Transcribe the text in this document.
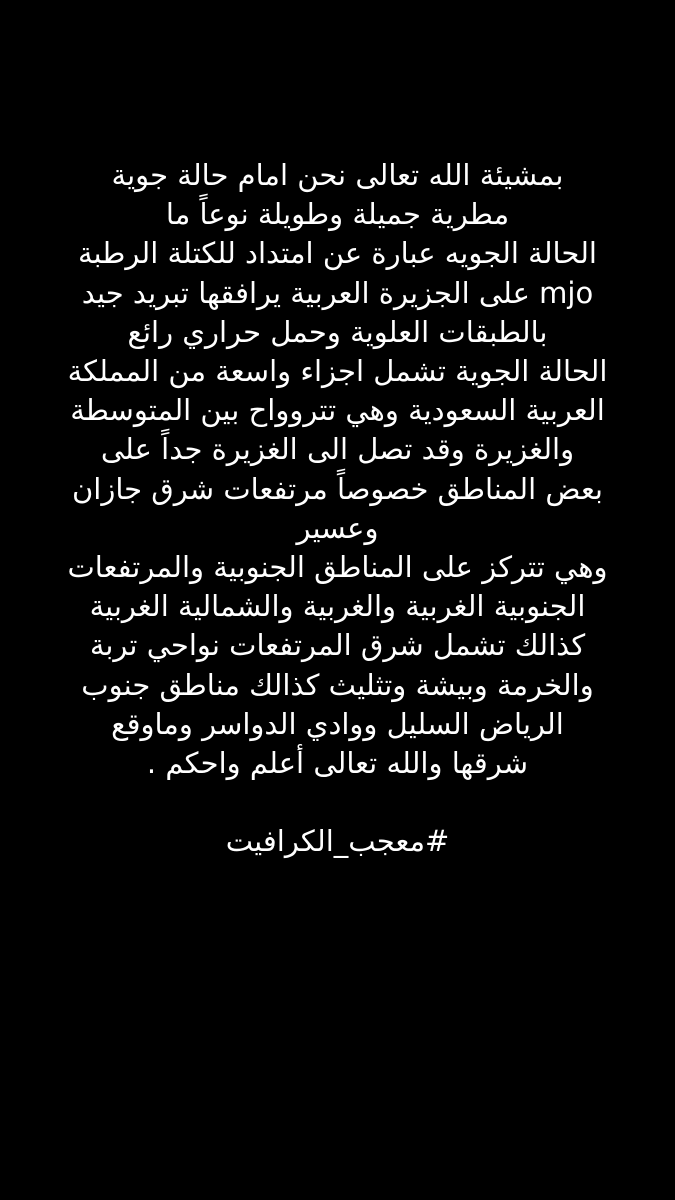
بمشيئة الله تعالى نحن امام حالة جوية
مطرية جميلة وطويلة نوعاً ما
الحالة الجويه عبارة عن امتداد للكتلة الرطبة
mjo على الجزيرة العربية يرافقها تبريد جيد
بالطبقات العلوية وحمل حراري رائع
الحالة الجوية تشمل اجزاء واسعة من المملكة
العربية السعودية وهي تتروواح بين المتوسطة
والغزيرة وقد تصل الى الغزيرة جداً على
بعض المناطق خصوصاً مرتفعات شرق جازان
وعسير
وهي تتركز على المناطق الجنوبية والمرتفعات
الجنوبية الغربية والغربية والشمالية الغربية
كذالك تشمل شرق المرتفعات نواحي تربة
والخرمة وبيشة وتثليث كذالك مناطق جنوب
الرياض السليل ووادي الدواسر وماوقع
شرقها والله تعالى أعلم واحكم .
#معجب_الكرافيت
